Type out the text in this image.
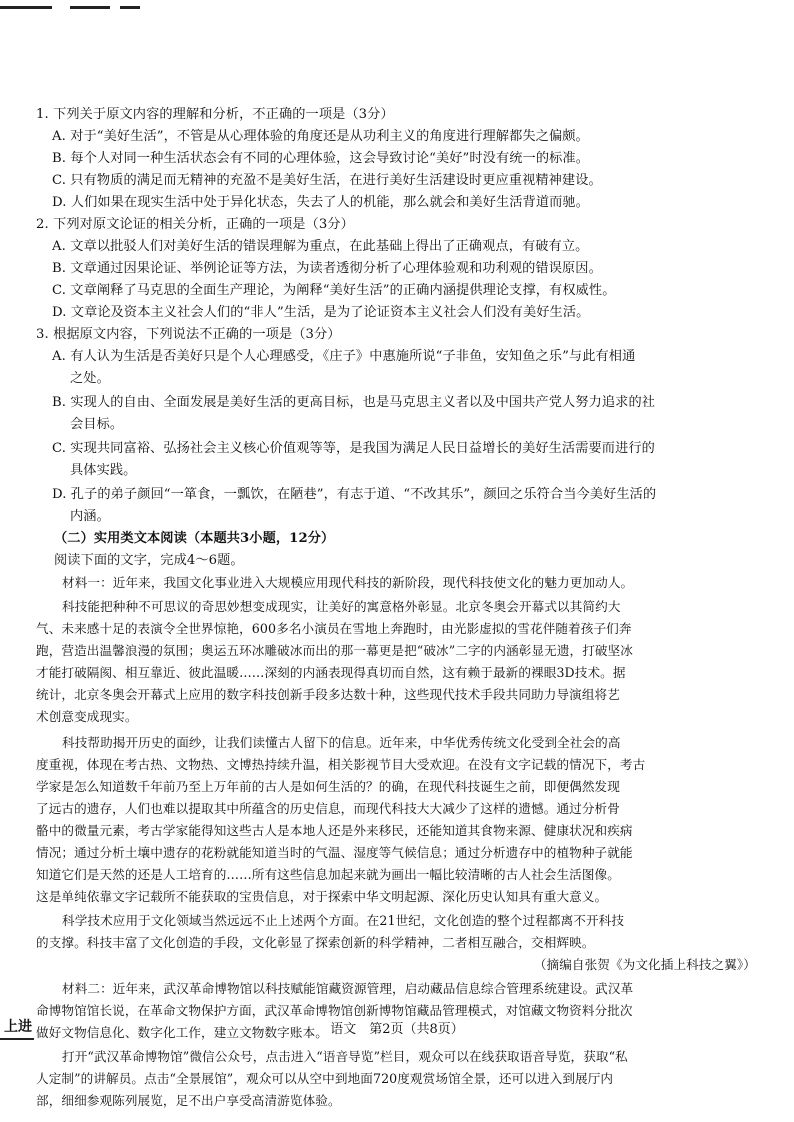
1. 下列关于原文内容的理解和分析，不正确的一项是（3分）
A. 对于“美好生活”，不管是从心理体验的角度还是从功利主义的角度进行理解都失之偏颇。
B. 每个人对同一种生活状态会有不同的心理体验，这会导致讨论“美好”时没有统一的标准。
C. 只有物质的满足而无精神的充盈不是美好生活，在进行美好生活建设时更应重视精神建设。
D. 人们如果在现实生活中处于异化状态，失去了人的机能，那么就会和美好生活背道而驰。
2. 下列对原文论证的相关分析，正确的一项是（3分）
A. 文章以批驳人们对美好生活的错误理解为重点，在此基础上得出了正确观点，有破有立。
B. 文章通过因果论证、举例论证等方法，为读者透彻分析了心理体验观和功利观的错误原因。
C. 文章阐释了马克思的全面生产理论，为阐释“美好生活”的正确内涵提供理论支撑，有权威性。
D. 文章论及资本主义社会人们的“非人”生活，是为了论证资本主义社会人们没有美好生活。
3. 根据原文内容，下列说法不正确的一项是（3分）
A. 有人认为生活是否美好只是个人心理感受，《庄子》中惠施所说“子非鱼，安知鱼之乐”与此有相通
之处。
B. 实现人的自由、全面发展是美好生活的更高目标，也是马克思主义者以及中国共产党人努力追求的社
会目标。
C. 实现共同富裕、弘扬社会主义核心价值观等等，是我国为满足人民日益增长的美好生活需要而进行的
具体实践。
D. 孔子的弟子颜回“一箪食，一瓢饮，在陋巷”，有志于道、“不改其乐”，颜回之乐符合当今美好生活的
内涵。
（二）实用类文本阅读（本题共3小题，12分）
阅读下面的文字，完成4～6题。
材料一：近年来，我国文化事业进入大规模应用现代科技的新阶段，现代科技使文化的魅力更加动人。
科技能把种种不可思议的奇思妙想变成现实，让美好的寓意格外彰显。北京冬奥会开幕式以其简约大
气、未来感十足的表演令全世界惊艳，600多名小演员在雪地上奔跑时，由光影虚拟的雪花伴随着孩子们奔
跑，营造出温馨浪漫的氛围；奥运五环冰雕破冰而出的那一幕更是把“破冰”二字的内涵彰显无遗，打破坚冰
才能打破隔阂、相互靠近、彼此温暖……深刻的内涵表现得真切而自然，这有赖于最新的裸眼3D技术。据
统计，北京冬奥会开幕式上应用的数字科技创新手段多达数十种，这些现代技术手段共同助力导演组将艺
术创意变成现实。
科技帮助揭开历史的面纱，让我们读懂古人留下的信息。近年来，中华优秀传统文化受到全社会的高
度重视，体现在考古热、文物热、文博热持续升温，相关影视节目大受欢迎。在没有文字记载的情况下，考古
学家是怎么知道数千年前乃至上万年前的古人是如何生活的？的确，在现代科技诞生之前，即便偶然发现
了远古的遗存，人们也难以提取其中所蕴含的历史信息，而现代科技大大减少了这样的遗憾。通过分析骨
骼中的微量元素，考古学家能得知这些古人是本地人还是外来移民，还能知道其食物来源、健康状况和疾病
情况；通过分析土壤中遗存的花粉就能知道当时的气温、湿度等气候信息；通过分析遗存中的植物种子就能
知道它们是天然的还是人工培育的……所有这些信息加起来就为画出一幅比较清晰的古人社会生活图像。
这是单纯依靠文字记载所不能获取的宝贵信息，对于探索中华文明起源、深化历史认知具有重大意义。
科学技术应用于文化领域当然远远不止上述两个方面。在21世纪，文化创造的整个过程都离不开科技
的支撑。科技丰富了文化创造的手段，文化彰显了探索创新的科学精神，二者相互融合，交相辉映。
（摘编自张贺《为文化插上科技之翼》）
材料二：近年来，武汉革命博物馆以科技赋能馆藏资源管理，启动藏品信息综合管理系统建设。武汉革
命博物馆馆长说，在革命文物保护方面，武汉革命博物馆创新博物馆藏品管理模式，对馆藏文物资料分批次
做好文物信息化、数字化工作，建立文物数字账本。
打开“武汉革命博物馆”微信公众号，点击进入“语音导览”栏目，观众可以在线获取语音导览，获取“私
人定制”的讲解员。点击“全景展馆”，观众可以从空中到地面720度观赏场馆全景，还可以进入到展厅内
部，细细参观陈列展览，足不出户享受高清游览体验。
上进	语文　第2页（共8页）
